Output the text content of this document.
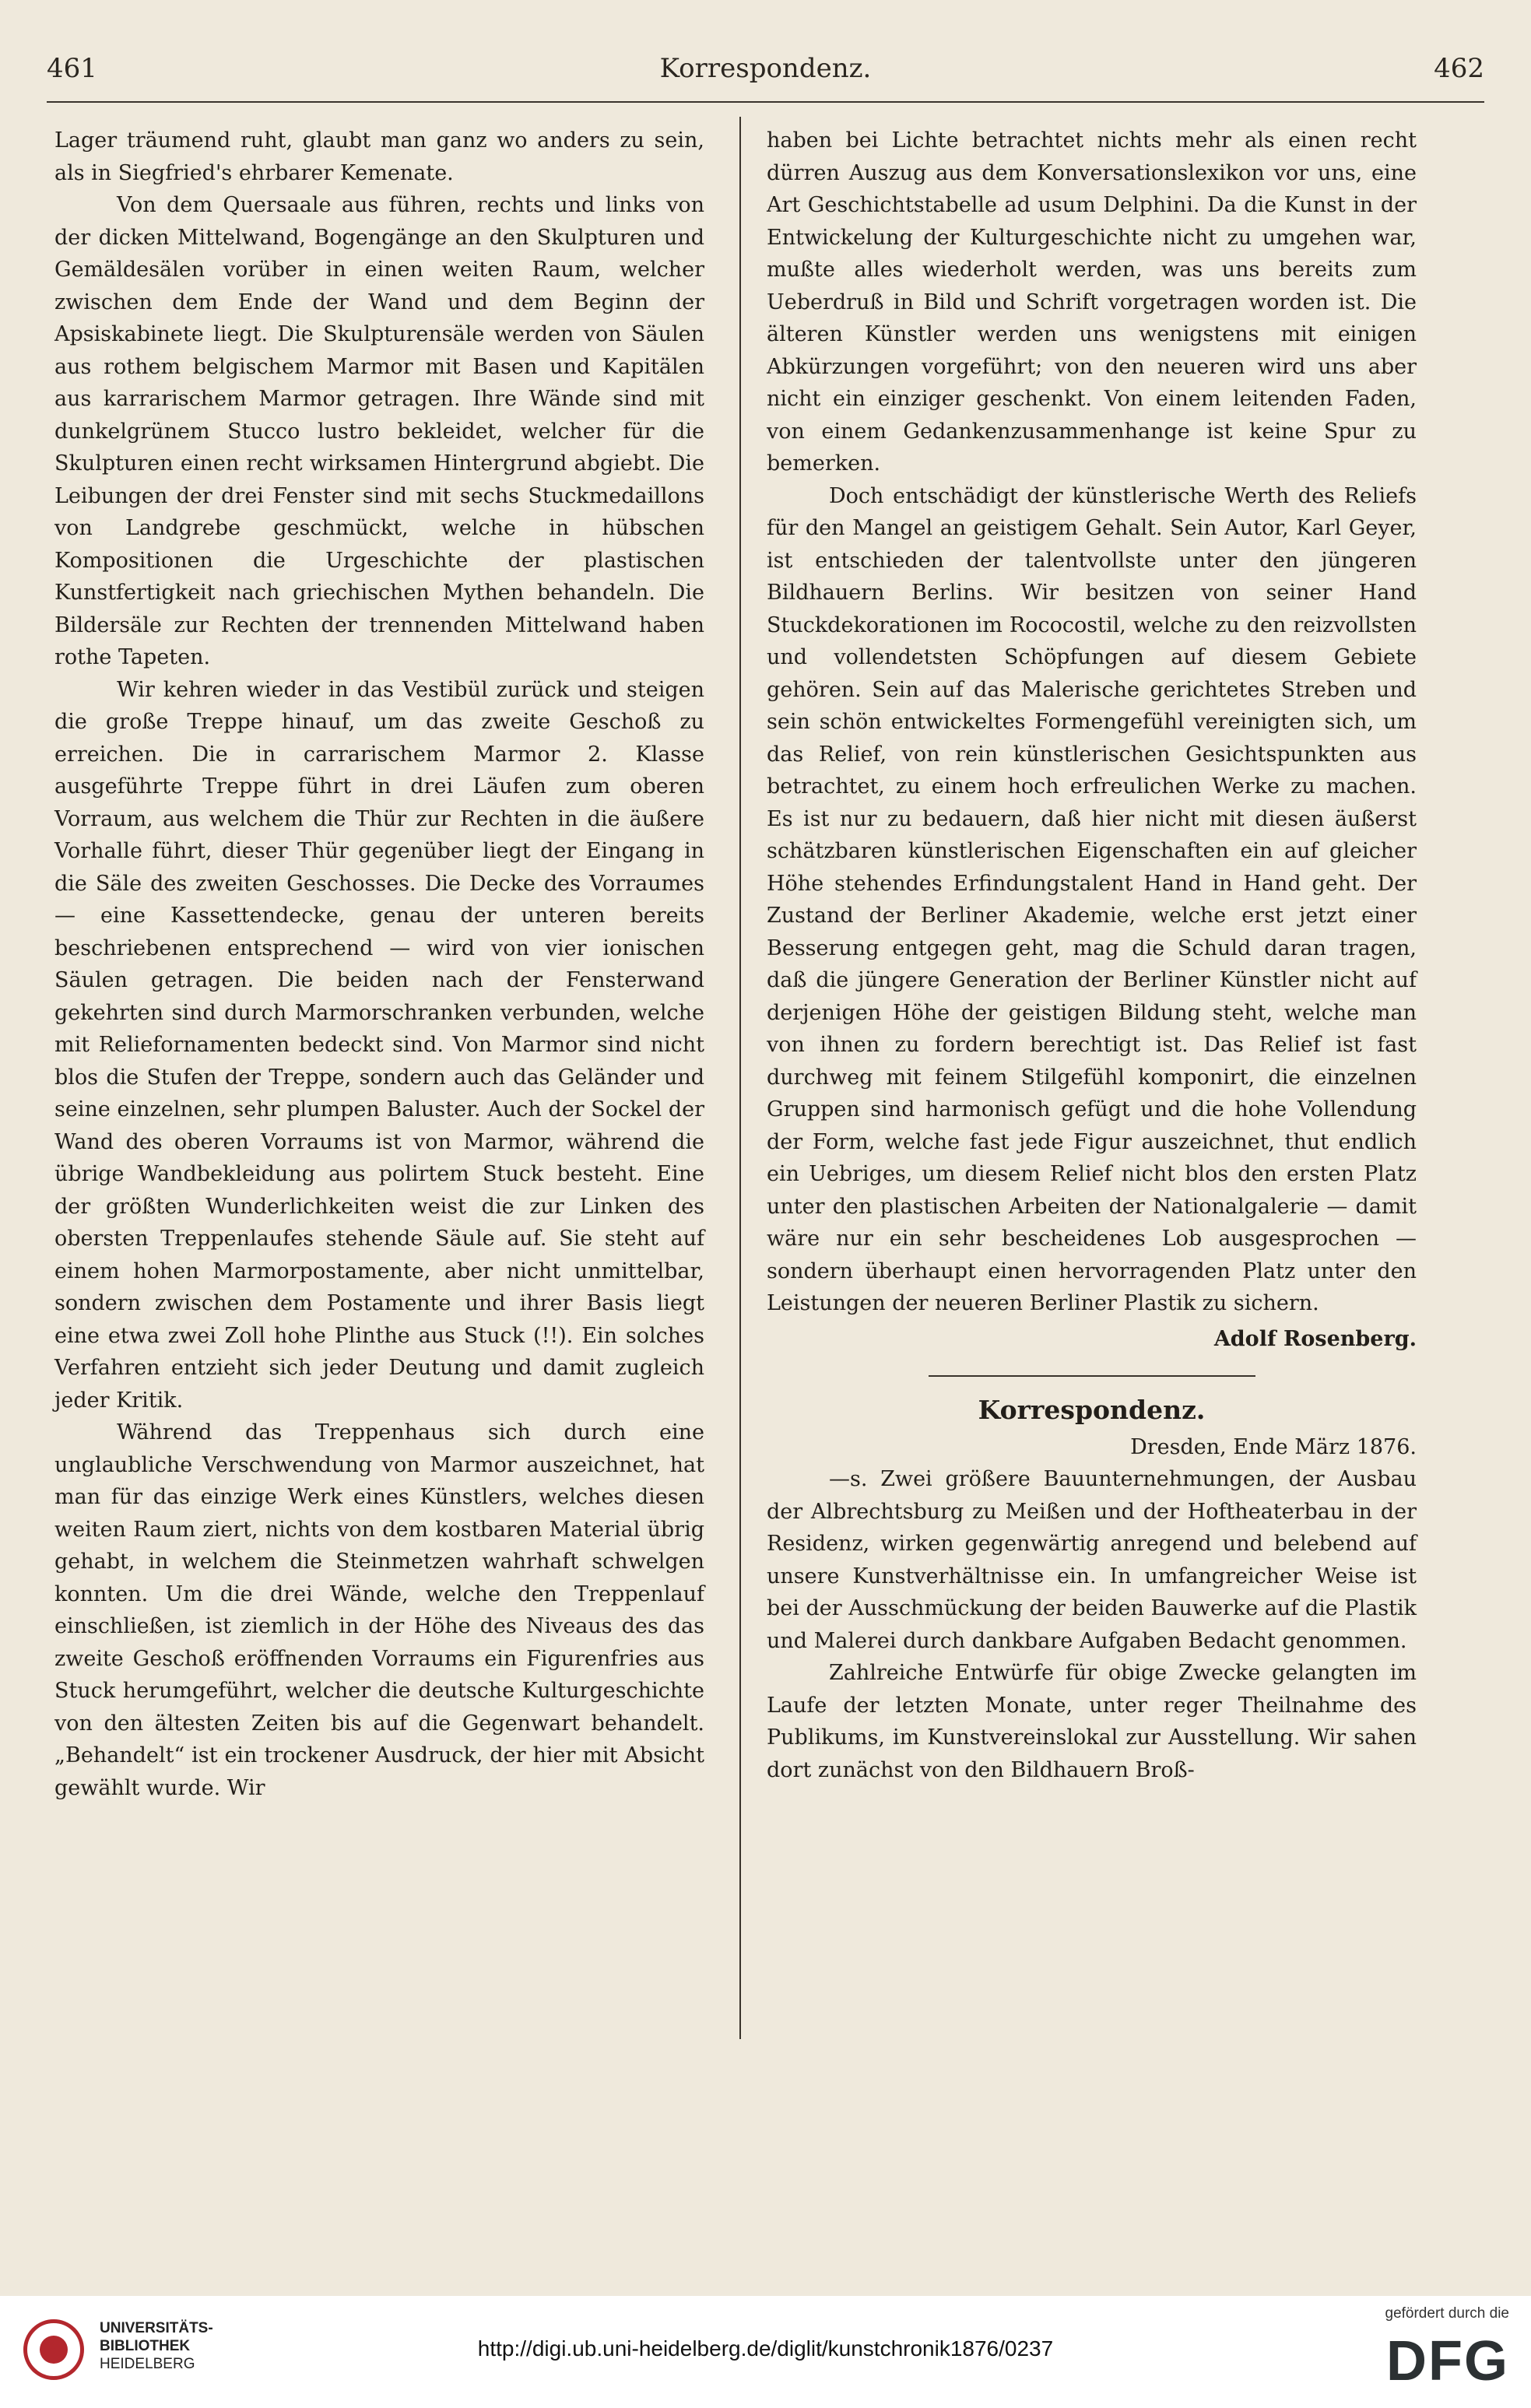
461	Korrespondenz.	462

Lager träumend ruht, glaubt man ganz wo anders zu sein, als in Siegfried's ehrbarer Kemenate.

Von dem Quersaale aus führen, rechts und links von der dicken Mittelwand, Bogengänge an den Skulpturen und Gemäldesälen vorüber in einen weiten Raum, welcher zwischen dem Ende der Wand und dem Beginn der Apsiskabinete liegt. Die Skulpturensäle werden von Säulen aus rothem belgischem Marmor mit Basen und Kapitälen aus karrarischem Marmor getragen. Ihre Wände sind mit dunkelgrünem Stucco lustro bekleidet, welcher für die Skulpturen einen recht wirksamen Hintergrund abgiebt. Die Leibungen der drei Fenster sind mit sechs Stuckmedaillons von Landgrebe geschmückt, welche in hübschen Kompositionen die Urgeschichte der plastischen Kunstfertigkeit nach griechischen Mythen behandeln. Die Bildersäle zur Rechten der trennenden Mittelwand haben rothe Tapeten.

Wir kehren wieder in das Vestibül zurück und steigen die große Treppe hinauf, um das zweite Geschoß zu erreichen. Die in carrarischem Marmor 2. Klasse ausgeführte Treppe führt in drei Läufen zum oberen Vorraum, aus welchem die Thür zur Rechten in die äußere Vorhalle führt, dieser Thür gegenüber liegt der Eingang in die Säle des zweiten Geschosses. Die Decke des Vorraumes — eine Kassettendecke, genau der unteren bereits beschriebenen entsprechend — wird von vier ionischen Säulen getragen. Die beiden nach der Fensterwand gekehrten sind durch Marmorschranken verbunden, welche mit Reliefornamenten bedeckt sind. Von Marmor sind nicht blos die Stufen der Treppe, sondern auch das Geländer und seine einzelnen, sehr plumpen Baluster. Auch der Sockel der Wand des oberen Vorraums ist von Marmor, während die übrige Wandbekleidung aus polirtem Stuck besteht. Eine der größten Wunderlichkeiten weist die zur Linken des obersten Treppenlaufes stehende Säule auf. Sie steht auf einem hohen Marmorpostamente, aber nicht unmittelbar, sondern zwischen dem Postamente und ihrer Basis liegt eine etwa zwei Zoll hohe Plinthe aus Stuck (!!). Ein solches Verfahren entzieht sich jeder Deutung und damit zugleich jeder Kritik.

Während das Treppenhaus sich durch eine unglaubliche Verschwendung von Marmor auszeichnet, hat man für das einzige Werk eines Künstlers, welches diesen weiten Raum ziert, nichts von dem kostbaren Material übrig gehabt, in welchem die Steinmetzen wahrhaft schwelgen konnten. Um die drei Wände, welche den Treppenlauf einschließen, ist ziemlich in der Höhe des Niveaus des das zweite Geschoß eröffnenden Vorraums ein Figurenfries aus Stuck herumgeführt, welcher die deutsche Kulturgeschichte von den ältesten Zeiten bis auf die Gegenwart behandelt. „Behandelt“ ist ein trockener Ausdruck, der hier mit Absicht gewählt wurde. Wir

haben bei Lichte betrachtet nichts mehr als einen recht dürren Auszug aus dem Konversationslexikon vor uns, eine Art Geschichtstabelle ad usum Delphini. Da die Kunst in der Entwickelung der Kulturgeschichte nicht zu umgehen war, mußte alles wiederholt werden, was uns bereits zum Ueberdruß in Bild und Schrift vorgetragen worden ist. Die älteren Künstler werden uns wenigstens mit einigen Abkürzungen vorgeführt; von den neueren wird uns aber nicht ein einziger geschenkt. Von einem leitenden Faden, von einem Gedankenzusammenhange ist keine Spur zu bemerken.

Doch entschädigt der künstlerische Werth des Reliefs für den Mangel an geistigem Gehalt. Sein Autor, Karl Geyer, ist entschieden der talentvollste unter den jüngeren Bildhauern Berlins. Wir besitzen von seiner Hand Stuckdekorationen im Rococostil, welche zu den reizvollsten und vollendetsten Schöpfungen auf diesem Gebiete gehören. Sein auf das Malerische gerichtetes Streben und sein schön entwickeltes Formengefühl vereinigten sich, um das Relief, von rein künstlerischen Gesichtspunkten aus betrachtet, zu einem hoch erfreulichen Werke zu machen. Es ist nur zu bedauern, daß hier nicht mit diesen äußerst schätzbaren künstlerischen Eigenschaften ein auf gleicher Höhe stehendes Erfindungstalent Hand in Hand geht. Der Zustand der Berliner Akademie, welche erst jetzt einer Besserung entgegen geht, mag die Schuld daran tragen, daß die jüngere Generation der Berliner Künstler nicht auf derjenigen Höhe der geistigen Bildung steht, welche man von ihnen zu fordern berechtigt ist. Das Relief ist fast durchweg mit feinem Stilgefühl komponirt, die einzelnen Gruppen sind harmonisch gefügt und die hohe Vollendung der Form, welche fast jede Figur auszeichnet, thut endlich ein Uebriges, um diesem Relief nicht blos den ersten Platz unter den plastischen Arbeiten der Nationalgalerie — damit wäre nur ein sehr bescheidenes Lob ausgesprochen — sondern überhaupt einen hervorragenden Platz unter den Leistungen der neueren Berliner Plastik zu sichern.

Adolf Rosenberg.

Korrespondenz.

Dresden, Ende März 1876.

—s. Zwei größere Bauunternehmungen, der Ausbau der Albrechtsburg zu Meißen und der Hoftheaterbau in der Residenz, wirken gegenwärtig anregend und belebend auf unsere Kunstverhältnisse ein. In umfangreicher Weise ist bei der Ausschmückung der beiden Bauwerke auf die Plastik und Malerei durch dankbare Aufgaben Bedacht genommen.

Zahlreiche Entwürfe für obige Zwecke gelangten im Laufe der letzten Monate, unter reger Theilnahme des Publikums, im Kunstvereinslokal zur Ausstellung. Wir sahen dort zunächst von den Bildhauern Broß-

UNIVERSITÄTS-
BIBLIOTHEK
HEIDELBERG
http://digi.ub.uni-heidelberg.de/diglit/kunstchronik1876/0237
gefördert durch die
DFG
